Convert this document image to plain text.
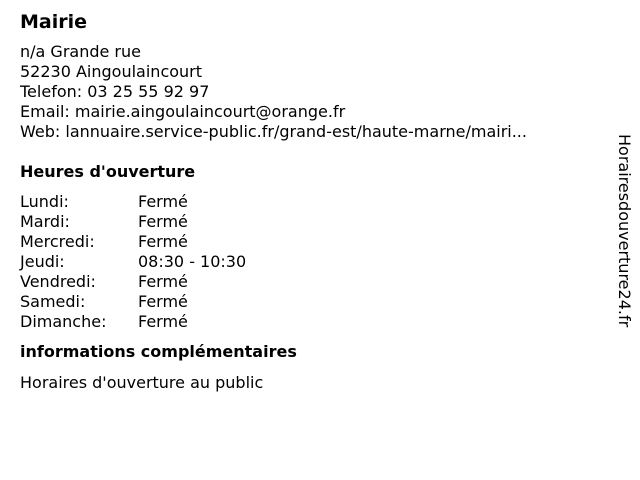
Mairie
n/a Grande rue
52230 Aingoulaincourt
Telefon: 03 25 55 92 97
Email: mairie.aingoulaincourt@orange.fr
Web: lannuaire.service-public.fr/grand-est/haute-marne/mairi...
Heures d'ouverture
Lundi:	Fermé
Mardi:	Fermé
Mercredi:	Fermé
Jeudi:	08:30 - 10:30
Vendredi:	Fermé
Samedi:	Fermé
Dimanche: Fermé
informations complémentaires
Horaires d'ouverture au public
Horairesdouverture24.fr
